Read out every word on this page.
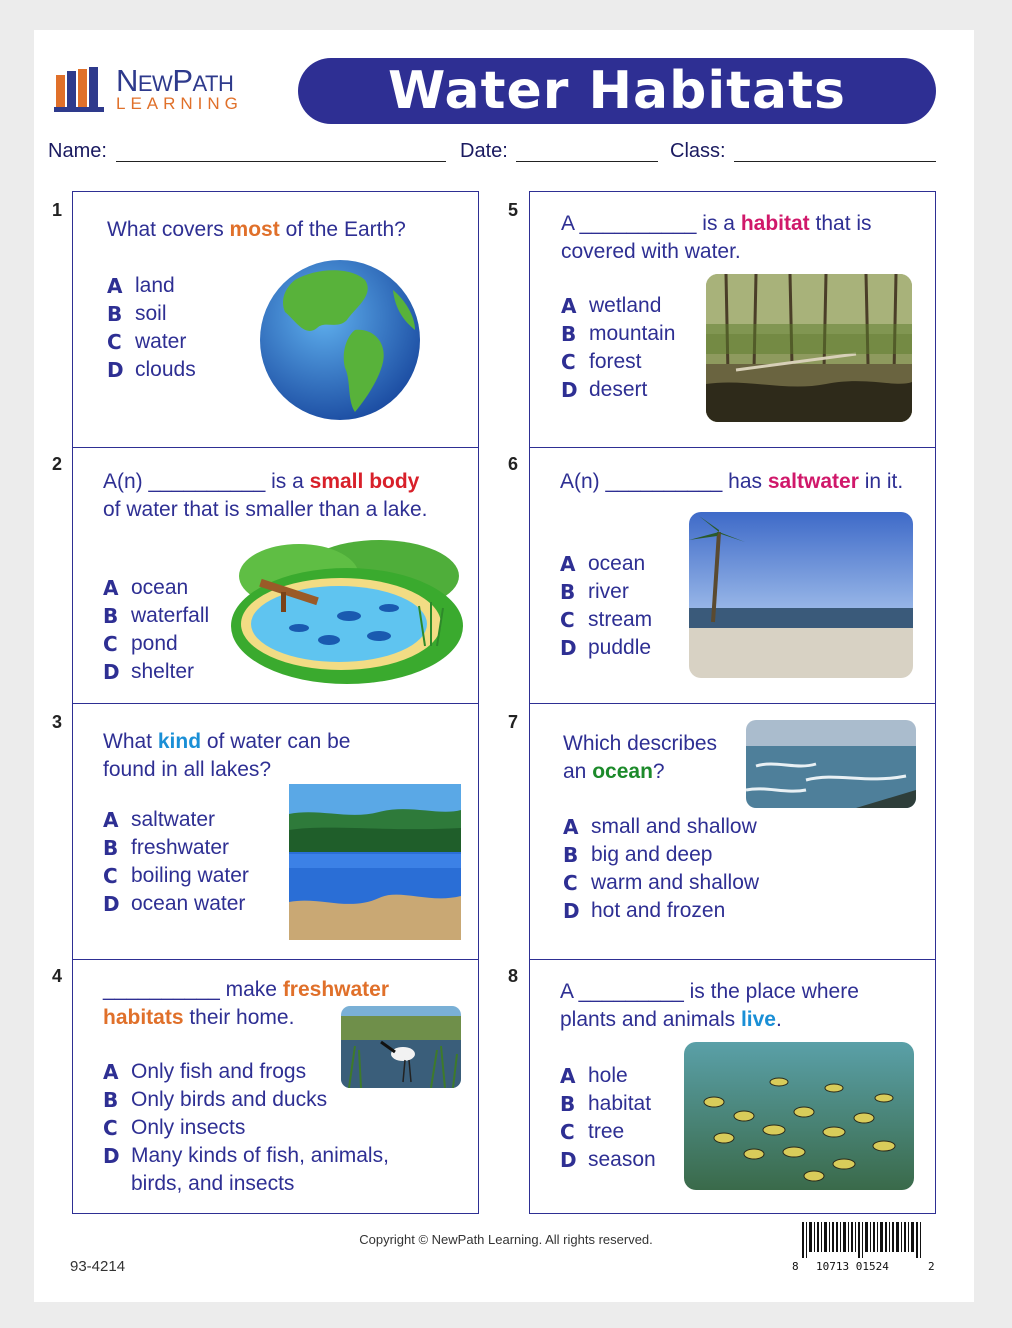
NewPath
LEARNING	Water Habitats
Name:	Date:	Class:
1
What covers most of the Earth?
A land
B soil
C water
D clouds
2
A(n) __________ is a small body
of water that is smaller than a lake.
A ocean
B waterfall
C pond
D shelter
3
What kind of water can be found in all lakes?
A saltwater
B freshwater
C boiling water
D ocean water
4
__________ make freshwater habitats their home.
A Only fish and frogs
B Only birds and ducks
C Only insects
D Many kinds of fish, animals, birds, and insects
5
A __________ is a habitat that is covered with water.
A wetland
B mountain
C forest
D desert
6
A(n) __________ has saltwater in it.
A ocean
B river
C stream
D puddle
7
Which describes an ocean?
A small and shallow
B big and deep
C warm and shallow
D hot and frozen
8
A _________ is the place where plants and animals live.
A hole
B habitat
C tree
D season
Copyright © NewPath Learning. All rights reserved.
93-4214	8 10713 01524	2
